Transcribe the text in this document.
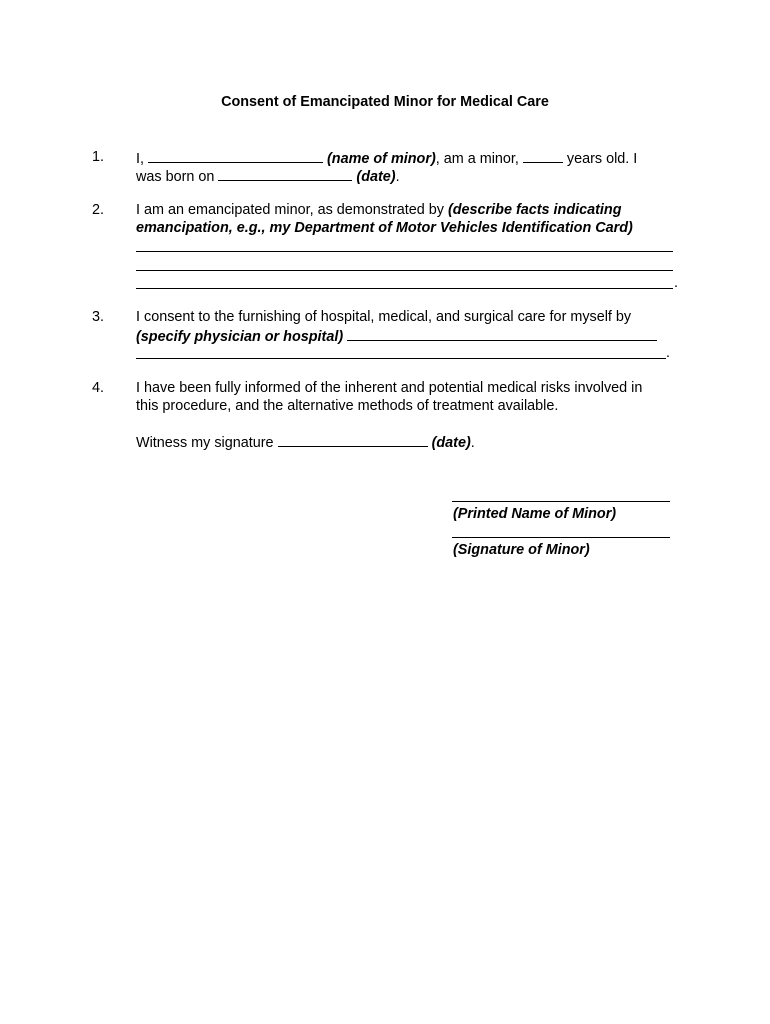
Consent of Emancipated Minor for Medical Care
1. I,	(name of minor), am a minor,	years old. I
was born on	(date).
2. I am an emancipated minor, as demonstrated by (describe facts indicating
emancipation, e.g., my Department of Motor Vehicles Identification Card)
.
3. I consent to the furnishing of hospital, medical, and surgical care for myself by
(specify physician or hospital)
.
4. I have been fully informed of the inherent and potential medical risks involved in
this procedure, and the alternative methods of treatment available.
Witness my signature	(date).
(Printed Name of Minor)
(Signature of Minor)
